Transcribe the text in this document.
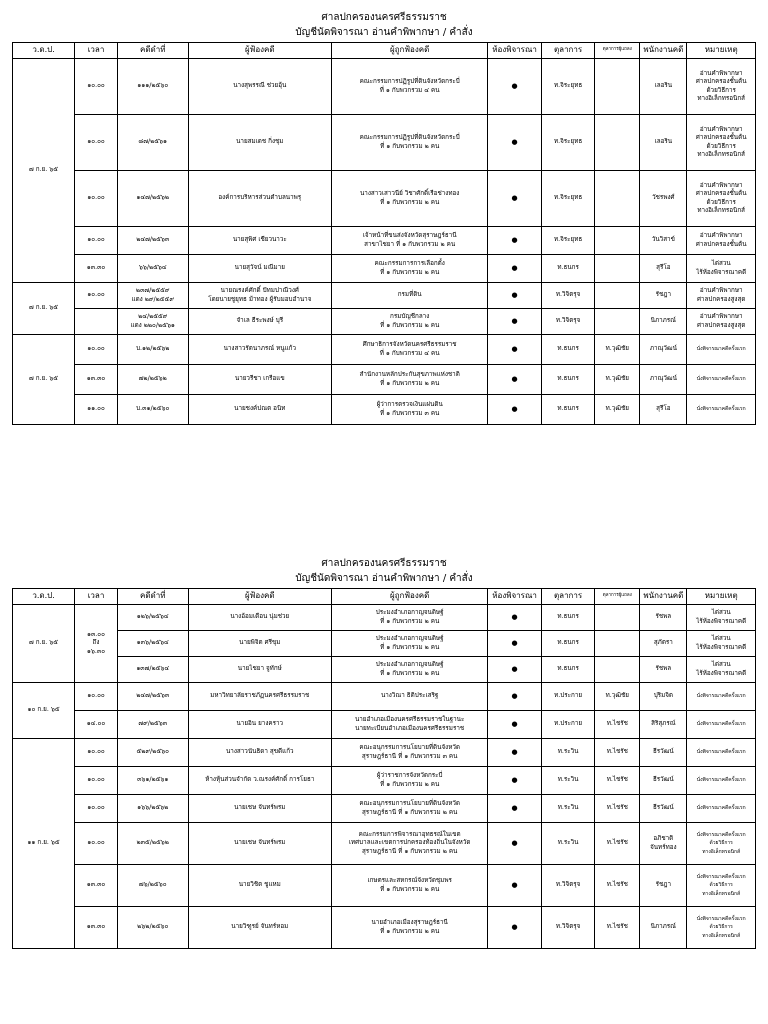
ศาลปกครองนครศรีธรรมราช
บัญชีนัดพิจารณา อ่านคำพิพากษา / คำสั่ง
ว.ด.ป.	เวลา	คดีดำที่	ผู้ฟ้องคดี	ผู้ถูกฟ้องคดี	ห้องพิจารณา	ตุลาการ	ตุลาการผู้แถลง	พนักงานคดี	หมายเหตุ
๗ ก.ย. ๖๕	๑๐.๐๐	๑๑๑/๒๕๖๐	นางสุพรรณี ช่วยอุ้น	คณะกรรมการปฏิรูปที่ดินจังหวัดกระบี่
ที่ ๑ กับพวกรวม ๔ คน	●	ท.จิระยุทธ		เลอริน	อ่านคำพิพากษา
ศาลปกครองชั้นต้น
ด้วยวิธีการ
ทางอิเล็กทรอนิกส์
	๑๐.๐๐	๘๗/๒๕๖๑	นายสมเดช กิ่งชุม	คณะกรรมการปฏิรูปที่ดินจังหวัดกระบี่
ที่ ๑ กับพวกรวม ๒ คน	●	ท.จิระยุทธ		เลอริน	อ่านคำพิพากษา
ศาลปกครองชั้นต้น
ด้วยวิธีการ
ทางอิเล็กทรอนิกส์
	๑๐.๐๐	๑๔๗/๒๕๖๒	องค์การบริหารส่วนตำบลนาพรุ	นางสาวเสาวนีย์ วิชาศักดิ์เรือช่างทอง
ที่ ๑ กับพวกรวม ๒ คน	●	ท.จิระยุทธ		วัชรพงศ์	อ่านคำพิพากษา
ศาลปกครองชั้นต้น
ด้วยวิธีการ
ทางอิเล็กทรอนิกส์
	๑๐.๐๐	๒๔๗/๒๕๖๓	นายสุพิศ เชียวนาวะ	เจ้าหน้าที่ขนส่งจังหวัดสุราษฎร์ธานี
สาขาไชยา ที่ ๑ กับพวกรวม ๒ คน	●	ท.จิระยุทธ		วันวิสาข์	อ่านคำพิพากษา
ศาลปกครองชั้นต้น
	๑๓.๓๐	๖๖/๒๕๖๔	นายสุวัจน์ มณีมาย	คณะกรรมการการเลือกตั้ง
ที่ ๑ กับพวกรวม ๒ คน	●	ท.ธนกร		สุรีโอ	ไต่สวน
ไร้ห้องพิจารณาคดี
๗ ก.ย. ๖๕	๑๐.๐๐	๒๓๗/๒๕๕๙
แดง ๒๙/๒๕๕๙	นายณรงค์ศักดิ์ ปัทมปาณีวงศ์
โดยนายชูยุทธ ม้าทอง ผู้รับมอบอำนาจ	กรมที่ดิน	●	ท.วิจิตรุจ		รัชฎา	อ่านคำพิพากษา
ศาลปกครองสูงสุด
		๒๔/๒๕๕๙
แดง ๒๒๐/๒๕๖๑	จำเล ธีระพงษ์ บุรี	กรมบัญชีกลาง
ที่ ๑ กับพวกรวม ๒ คน	●	ท.วิจิตรุจ		นิภาภรณ์	อ่านคำพิพากษา
ศาลปกครองสูงสุด
๗ ก.ย. ๖๕	๑๐.๐๐	บ.๑๒/๒๕๖๒	นางสาวรัตนาภรณ์ หนูแก้ว	ศึกษาธิการจังหวัดนครศรีธรรมราช
ที่ ๑ กับพวกรวม ๔ คน	●	ท.ธนกร	ท.วุฒิชัย	ภาณุวัฒน์	นั่งพิจารณาคดีครั้งแรก
	๑๓.๓๐	๗๒/๒๕๖๒	นายวรีชา เกรือแข	สำนักงานหลักประกันสุขภาพแห่งชาติ
ที่ ๑ กับพวกรวม ๒ คน	●	ท.ธนกร	ท.วุฒิชัย	ภาณุวัฒน์	นั่งพิจารณาคดีครั้งแรก
	๑๑.๐๐	บ.๓๑/๒๕๖๐	นายชงค์ปณต อนิท	ผู้ว่าการตรวจเงินแผ่นดิน
ที่ ๑ กับพวกรวม ๓ คน	●	ท.ธนกร	ท.วุฒิชัย	สุรีโอ	นั่งพิจารณาคดีครั้งแรก
ศาลปกครองนครศรีธรรมราช
บัญชีนัดพิจารณา อ่านคำพิพากษา / คำสั่ง
ว.ด.ป.	เวลา	คดีดำที่	ผู้ฟ้องคดี	ผู้ถูกฟ้องคดี	ห้องพิจารณา	ตุลาการ	ตุลาการผู้แถลง	พนักงานคดี	หมายเหตุ
๗ ก.ย. ๖๕	๑๓.๐๐
ถึง
๑๖.๓๐	๑๒๖/๒๕๖๔	นางอ้อมเดือน นุ่มช่วย	ประมงอำเภอกาญจนดิษฐ์
ที่ ๑ กับพวกรวม ๒ คน	●	ท.ธนกร		รัชพล	ไต่สวน
ไร้ห้องพิจารณาคดี
		๑๓๖/๒๕๖๔	นายพิจิต ศรีขุม	ประมงอำเภอกาญจนดิษฐ์
ที่ ๑ กับพวกรวม ๒ คน	●	ท.ธนกร		สุภัตรา	ไต่สวน
ไร้ห้องพิจารณาคดี
		๑๓๗/๒๕๖๔	นายไชยา จูทักษ์	ประมงอำเภอกาญจนดิษฐ์
ที่ ๑ กับพวกรวม ๒ คน	●	ท.ธนกร		รัชพล	ไต่สวน
ไร้ห้องพิจารณาคดี
๑๐ ก.ย. ๖๕	๑๐.๐๐	๒๔๗/๒๕๖๓	มหาวิทยาลัยราชภัฏนครศรีธรรมราช	นางวิณา ธิติประเสริฐ	●	ท.ประกาย	ท.วุฒิชัย	ปุริมจิต	นั่งพิจารณาคดีครั้งแรก
	๑๔.๐๐	๗๙/๒๕๖๓	นายอิน ยางคราว	นายอำเภอเมืองนครศรีธรรมราชในฐานะ
นายทะเบียนอำเภอเมืองนครศรีธรรมราช	●	ท.ประกาย	ท.ไชรัช	สิริสุภรณ์	นั่งพิจารณาคดีครั้งแรก
๑๑ ก.ย. ๖๕	๑๐.๐๐	๕๒๙/๒๕๖๐	นางสาวนันธิดา สุขดีแก้ว	คณะอนุกรรมการนโยบายที่ดินจังหวัด
สุราษฎร์ธานี ที่ ๑ กับพวกรวม ๓ คน	●	ท.ระวิน	ท.ไชรัช	ธีรวัฒน์	นั่งพิจารณาคดีครั้งแรก
	๑๐.๐๐	๓๖๑/๒๕๖๑	ห้างหุ้นส่วนจำกัด ว.ณรงค์ศักดิ์ การโยธา	ผู้ว่าราชการจังหวัดกระบี่
ที่ ๑ กับพวกรวม ๒ คน	●	ท.ระวิน	ท.ไชรัช	ธีรวัฒน์	นั่งพิจารณาคดีครั้งแรก
	๑๐.๐๐	๑๖๖/๒๕๖๒	นายเชษ จันทร์พรม	คณะอนุกรรมการนโยบายที่ดินจังหวัด
สุราษฎร์ธานี ที่ ๑ กับพวกรวม ๒ คน	●	ท.ระวิน	ท.ไชรัช	ธีรวัฒน์	นั่งพิจารณาคดีครั้งแรก
	๑๐.๐๐	๒๓๕/๒๕๖๒	นายเชษ จันทร์พรม	คณะกรรมการพิจารณาอุทธรณ์ในเขต
เทศบาลและเขตการปกครองท้องถิ่นในจังหวัด
สุราษฎร์ธานี ที่ ๑ กับพวกรวม ๒ คน	●	ท.ระวิน	ท.ไชรัช	อภิชาติ
จันทร์ทอง	นั่งพิจารณาคดีครั้งแรก
ด้วยวิธีการ
ทางอิเล็กทรอนิกส์
	๑๓.๓๐	๗๖/๒๕๖๐	นายวิชิต ชูแหม	เกษตรและสหกรณ์จังหวัดชุมพร
ที่ ๑ กับพวกรวม ๒ คน	●	ท.วิจิตรุจ	ท.ไชรัช	รัชฎา	นั่งพิจารณาคดีครั้งแรก
ด้วยวิธีการ
ทางอิเล็กทรอนิกส์
	๑๓.๓๐	๒๖๒/๒๕๖๐	นายวิฑูรย์ จันทร์หอม	นายอำเภอเมืองสุราษฎร์ธานี
ที่ ๑ กับพวกรวม ๒ คน	●	ท.วิจิตรุจ	ท.ไชรัช	นิภาภรณ์	นั่งพิจารณาคดีครั้งแรก
ด้วยวิธีการ
ทางอิเล็กทรอนิกส์
